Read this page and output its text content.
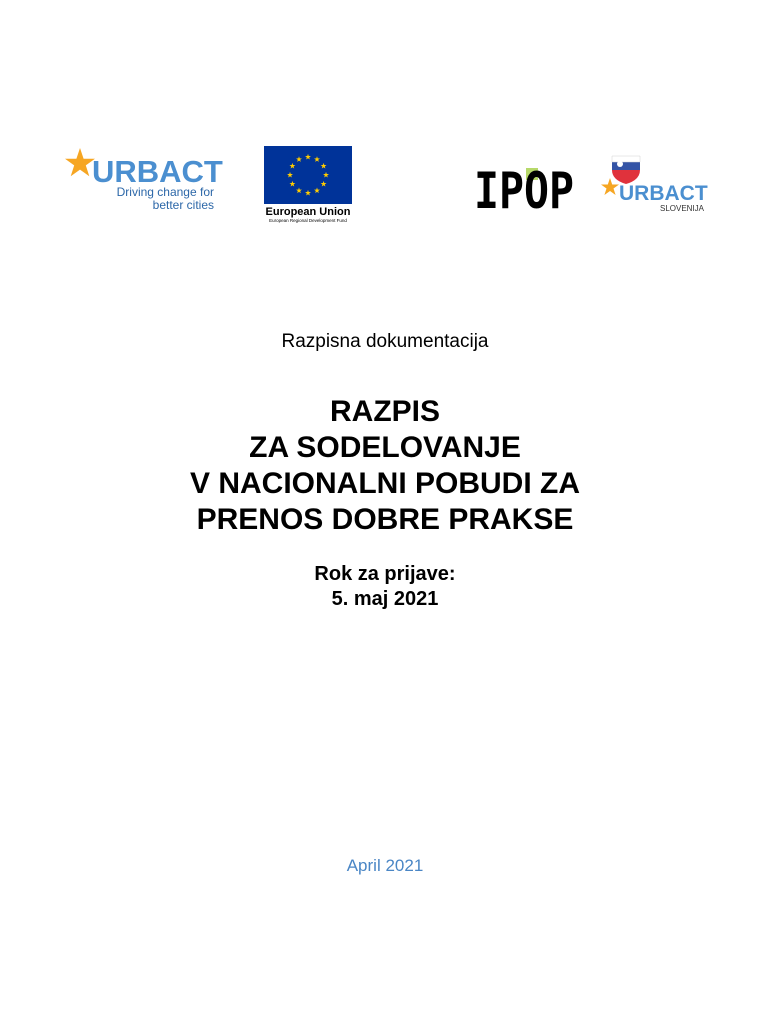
URBACT
Driving change for
better cities	European Union
European Regional Development Fund
IPOP URBACT
SLOVENIJA

Razpisna dokumentacija

RAZPIS
ZA SODELOVANJE
V NACIONALNI POBUDI ZA
PRENOS DOBRE PRAKSE
Rok za prijave:
5. maj 2021

April 2021
